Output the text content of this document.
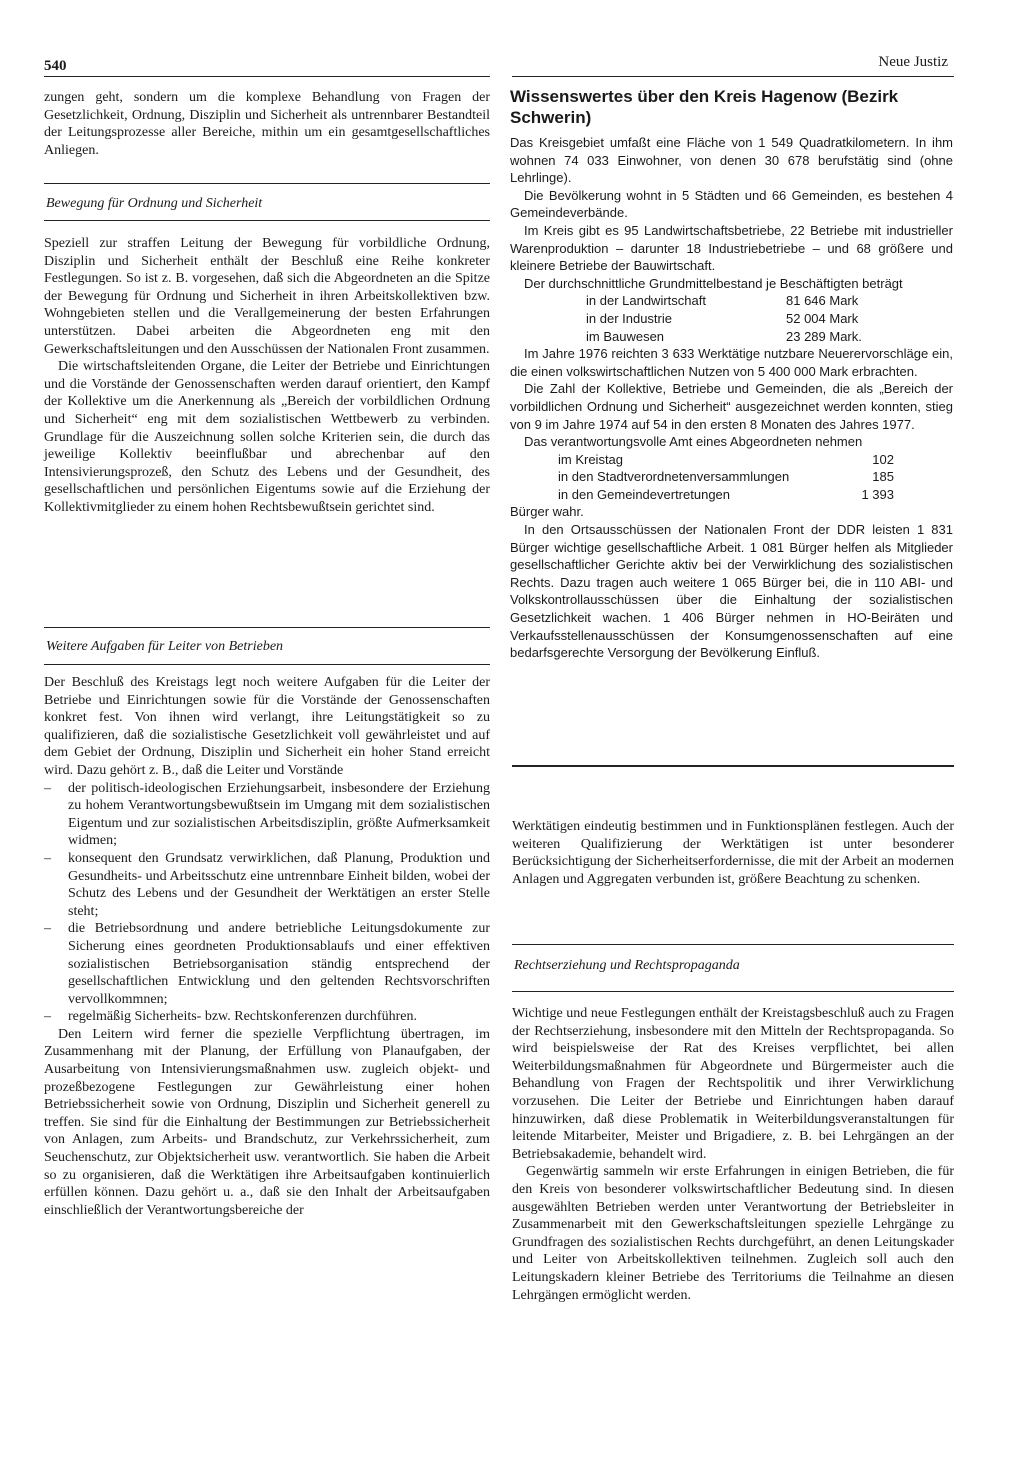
540	Neue Justiz

zungen geht, sondern um die komplexe Behandlung von Fragen der Gesetzlichkeit, Ordnung, Disziplin und Sicherheit als untrennbarer Bestandteil der Leitungsprozesse aller Bereiche, mithin um ein gesamtgesellschaftliches Anliegen.

Bewegung für Ordnung und Sicherheit

Speziell zur straffen Leitung der Bewegung für vorbildliche Ordnung, Disziplin und Sicherheit enthält der Beschluß eine Reihe konkreter Festlegungen. So ist z. B. vorgesehen, daß sich die Abgeordneten an die Spitze der Bewegung für Ordnung und Sicherheit in ihren Arbeitskollektiven bzw. Wohngebieten stellen und die Verallgemeinerung der besten Erfahrungen unterstützen. Dabei arbeiten die Abgeordneten eng mit den Gewerkschaftsleitungen und den Ausschüssen der Nationalen Front zusammen.

Die wirtschaftsleitenden Organe, die Leiter der Betriebe und Einrichtungen und die Vorstände der Genossenschaften werden darauf orientiert, den Kampf der Kollektive um die Anerkennung als „Bereich der vorbildlichen Ordnung und Sicherheit“ eng mit dem sozialistischen Wettbewerb zu verbinden. Grundlage für die Auszeichnung sollen solche Kriterien sein, die durch das jeweilige Kollektiv beeinflußbar und abrechenbar auf den Intensivierungsprozeß, den Schutz des Lebens und der Gesundheit, des gesellschaftlichen und persönlichen Eigentums sowie auf die Erziehung der Kollektivmitglieder zu einem hohen Rechtsbewußtsein gerichtet sind.

Weitere Aufgaben für Leiter von Betrieben

Der Beschluß des Kreistags legt noch weitere Aufgaben für die Leiter der Betriebe und Einrichtungen sowie für die Vorstände der Genossenschaften konkret fest. Von ihnen wird verlangt, ihre Leitungstätigkeit so zu qualifizieren, daß die sozialistische Gesetzlichkeit voll gewährleistet und auf dem Gebiet der Ordnung, Disziplin und Sicherheit ein hoher Stand erreicht wird. Dazu gehört z. B., daß die Leiter und Vorstände

– der politisch-ideologischen Erziehungsarbeit, insbesondere der Erziehung zu hohem Verantwortungsbewußtsein im Umgang mit dem sozialistischen Eigentum und zur sozialistischen Arbeitsdisziplin, größte Aufmerksamkeit widmen;
– konsequent den Grundsatz verwirklichen, daß Planung, Produktion und Gesundheits- und Arbeitsschutz eine untrennbare Einheit bilden, wobei der Schutz des Lebens und der Gesundheit der Werktätigen an erster Stelle steht;
– die Betriebsordnung und andere betriebliche Leitungsdokumente zur Sicherung eines geordneten Produktionsablaufs und einer effektiven sozialistischen Betriebsorganisation ständig entsprechend der gesellschaftlichen Entwicklung und den geltenden Rechtsvorschriften vervollkommnen;
– regelmäßig Sicherheits- bzw. Rechtskonferenzen durchführen.

Den Leitern wird ferner die spezielle Verpflichtung übertragen, im Zusammenhang mit der Planung, der Erfüllung von Planaufgaben, der Ausarbeitung von Intensivierungsmaßnahmen usw. zugleich objekt- und prozeßbezogene Festlegungen zur Gewährleistung einer hohen Betriebssicherheit sowie von Ordnung, Disziplin und Sicherheit generell zu treffen. Sie sind für die Einhaltung der Bestimmungen zur Betriebssicherheit von Anlagen, zum Arbeits- und Brandschutz, zur Verkehrssicherheit, zum Seuchenschutz, zur Objektsicherheit usw. verantwortlich. Sie haben die Arbeit so zu organisieren, daß die Werktätigen ihre Arbeitsaufgaben kontinuierlich erfüllen können. Dazu gehört u. a., daß sie den Inhalt der Arbeitsaufgaben einschließlich der Verantwortungsbereiche der

Wissenswertes über den Kreis Hagenow (Bezirk Schwerin)

Das Kreisgebiet umfaßt eine Fläche von 1 549 Quadratkilometern. In ihm wohnen 74 033 Einwohner, von denen 30 678 berufstätig sind (ohne Lehrlinge).

Die Bevölkerung wohnt in 5 Städten und 66 Gemeinden, es bestehen 4 Gemeindeverbände.

Im Kreis gibt es 95 Landwirtschaftsbetriebe, 22 Betriebe mit industrieller Warenproduktion – darunter 18 Industriebetriebe – und 68 größere und kleinere Betriebe der Bauwirtschaft.

Der durchschnittliche Grundmittelbestand je Beschäftigten beträgt

in der Landwirtschaft	81 646 Mark
in der Industrie	52 004 Mark
im Bauwesen	23 289 Mark.

Im Jahre 1976 reichten 3 633 Werktätige nutzbare Neuerervorschläge ein, die einen volkswirtschaftlichen Nutzen von 5 400 000 Mark erbrachten.

Die Zahl der Kollektive, Betriebe und Gemeinden, die als „Bereich der vorbildlichen Ordnung und Sicherheit“ ausgezeichnet werden konnten, stieg von 9 im Jahre 1974 auf 54 in den ersten 8 Monaten des Jahres 1977.

Das verantwortungsvolle Amt eines Abgeordneten nehmen

im Kreistag	102
in den Stadtverordnetenversammlungen	185
in den Gemeindevertretungen	1 393

Bürger wahr.

In den Ortsausschüssen der Nationalen Front der DDR leisten 1 831 Bürger wichtige gesellschaftliche Arbeit. 1 081 Bürger helfen als Mitglieder gesellschaftlicher Gerichte aktiv bei der Verwirklichung des sozialistischen Rechts. Dazu tragen auch weitere 1 065 Bürger bei, die in 110 ABI- und Volkskontrollausschüssen über die Einhaltung der sozialistischen Gesetzlichkeit wachen. 1 406 Bürger nehmen in HO-Beiräten und Verkaufsstellenausschüssen der Konsumgenossenschaften auf eine bedarfsgerechte Versorgung der Bevölkerung Einfluß.

Werktätigen eindeutig bestimmen und in Funktionsplänen festlegen. Auch der weiteren Qualifizierung der Werktätigen ist unter besonderer Berücksichtigung der Sicherheitserfordernisse, die mit der Arbeit an modernen Anlagen und Aggregaten verbunden ist, größere Beachtung zu schenken.

Rechtserziehung und Rechtspropaganda

Wichtige und neue Festlegungen enthält der Kreistagsbeschluß auch zu Fragen der Rechtserziehung, insbesondere mit den Mitteln der Rechtspropaganda. So wird beispielsweise der Rat des Kreises verpflichtet, bei allen Weiterbildungsmaßnahmen für Abgeordnete und Bürgermeister auch die Behandlung von Fragen der Rechtspolitik und ihrer Verwirklichung vorzusehen. Die Leiter der Betriebe und Einrichtungen haben darauf hinzuwirken, daß diese Problematik in Weiterbildungsveranstaltungen für leitende Mitarbeiter, Meister und Brigadiere, z. B. bei Lehrgängen an der Betriebsakademie, behandelt wird.

Gegenwärtig sammeln wir erste Erfahrungen in einigen Betrieben, die für den Kreis von besonderer volkswirtschaftlicher Bedeutung sind. In diesen ausgewählten Betrieben werden unter Verantwortung der Betriebsleiter in Zusammenarbeit mit den Gewerkschaftsleitungen spezielle Lehrgänge zu Grundfragen des sozialistischen Rechts durchgeführt, an denen Leitungskader und Leiter von Arbeitskollektiven teilnehmen. Zugleich soll auch den Leitungskadern kleiner Betriebe des Territoriums die Teilnahme an diesen Lehrgängen ermöglicht werden.
